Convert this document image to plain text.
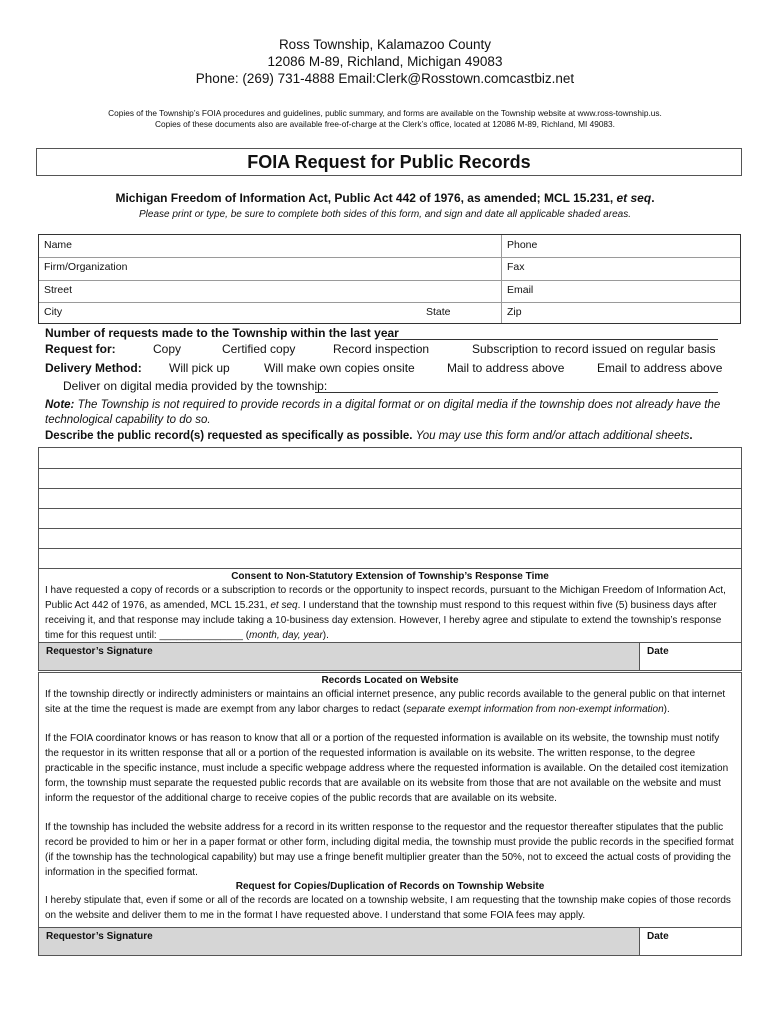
Ross Township, Kalamazoo County
12086 M-89, Richland, Michigan 49083
Phone: (269) 731-4888 Email:Clerk@Rosstown.comcastbiz.net
Copies of the Township’s FOIA procedures and guidelines, public summary, and forms are available on the Township website at www.ross-township.us.
Copies of these documents also are available free-of-charge at the Clerk’s office, located at 12086 M-89, Richland, MI 49083.
FOIA Request for Public Records
Michigan Freedom of Information Act, Public Act 442 of 1976, as amended; MCL 15.231, et seq.
Please print or type, be sure to complete both sides of this form, and sign and date all applicable shaded areas.
Name	Phone
Firm/Organization	Fax
Street	Email
City	State	Zip
Number of requests made to the Township within the last year
Request for:	Copy	Certified copy	Record inspection	Subscription to record issued on regular basis
Delivery Method: Will pick up	Will make own copies onsite	Mail to address above	Email to address above
Deliver on digital media provided by the township:
Note: The Township is not required to provide records in a digital format or on digital media if the township does not already have the technological capability to do so.
Describe the public record(s) requested as specifically as possible. You may use this form and/or attach additional sheets.
Consent to Non-Statutory Extension of Township’s Response Time
I have requested a copy of records or a subscription to records or the opportunity to inspect records, pursuant to the Michigan Freedom of Information Act, Public Act 442 of 1976, as amended, MCL 15.231, et seq. I understand that the township must respond to this request within five (5) business days after receiving it, and that response may include taking a 10-business day extension. However, I hereby agree and stipulate to extend the township’s response time for this request until: _______________ (month, day, year).
Requestor’s Signature	Date
Records Located on Website
If the township directly or indirectly administers or maintains an official internet presence, any public records available to the general public on that internet site at the time the request is made are exempt from any labor charges to redact (separate exempt information from non-exempt information).
If the FOIA coordinator knows or has reason to know that all or a portion of the requested information is available on its website, the township must notify the requestor in its written response that all or a portion of the requested information is available on its website. The written response, to the degree practicable in the specific instance, must include a specific webpage address where the requested information is available. On the detailed cost itemization form, the township must separate the requested public records that are available on its website from those that are not available on the website and must inform the requestor of the additional charge to receive copies of the public records that are available on its website.
If the township has included the website address for a record in its written response to the requestor and the requestor thereafter stipulates that the public record be provided to him or her in a paper format or other form, including digital media, the township must provide the public records in the specified format (if the township has the technological capability) but may use a fringe benefit multiplier greater than the 50%, not to exceed the actual costs of providing the information in the specified format.
Request for Copies/Duplication of Records on Township Website
I hereby stipulate that, even if some or all of the records are located on a township website, I am requesting that the township make copies of those records on the website and deliver them to me in the format I have requested above. I understand that some FOIA fees may apply.
Requestor’s Signature	Date
